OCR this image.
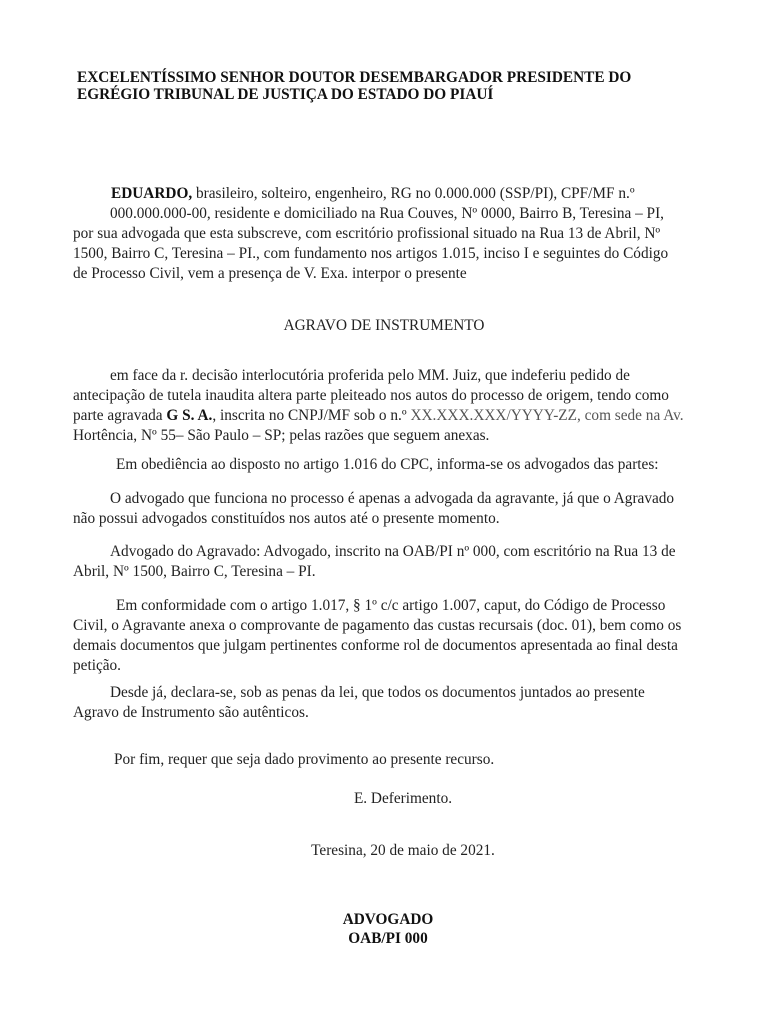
EXCELENTÍSSIMO SENHOR DOUTOR DESEMBARGADOR PRESIDENTE DO
EGRÉGIO TRIBUNAL DE JUSTIÇA DO ESTADO DO PIAUÍ
EDUARDO, brasileiro, solteiro, engenheiro, RG no 0.000.000 (SSP/PI), CPF/MF n.º
000.000.000-00, residente e domiciliado na Rua Couves, Nº 0000, Bairro B, Teresina – PI,
por sua advogada que esta subscreve, com escritório profissional situado na Rua 13 de Abril, Nº
1500, Bairro C, Teresina – PI., com fundamento nos artigos 1.015, inciso I e seguintes do Código
de Processo Civil, vem a presença de V. Exa. interpor o presente
AGRAVO DE INSTRUMENTO
em face da r. decisão interlocutória proferida pelo MM. Juiz, que indeferiu pedido de
antecipação de tutela inaudita altera parte pleiteado nos autos do processo de origem, tendo como
parte agravada G S. A., inscrita no CNPJ/MF sob o n.º XX.XXX.XXX/YYYY-ZZ, com sede na Av.
Hortência, Nº 55– São Paulo – SP; pelas razões que seguem anexas.
Em obediência ao disposto no artigo 1.016 do CPC, informa-se os advogados das partes:
O advogado que funciona no processo é apenas a advogada da agravante, já que o Agravado
não possui advogados constituídos nos autos até o presente momento.
Advogado do Agravado: Advogado, inscrito na OAB/PI nº 000, com escritório na Rua 13 de
Abril, Nº 1500, Bairro C, Teresina – PI.
Em conformidade com o artigo 1.017, § 1º c/c artigo 1.007, caput, do Código de Processo
Civil, o Agravante anexa o comprovante de pagamento das custas recursais (doc. 01), bem como os
demais documentos que julgam pertinentes conforme rol de documentos apresentada ao final desta
petição.
Desde já, declara-se, sob as penas da lei, que todos os documentos juntados ao presente
Agravo de Instrumento são autênticos.
Por fim, requer que seja dado provimento ao presente recurso.
E. Deferimento.
Teresina, 20 de maio de 2021.
ADVOGADO
OAB/PI 000
